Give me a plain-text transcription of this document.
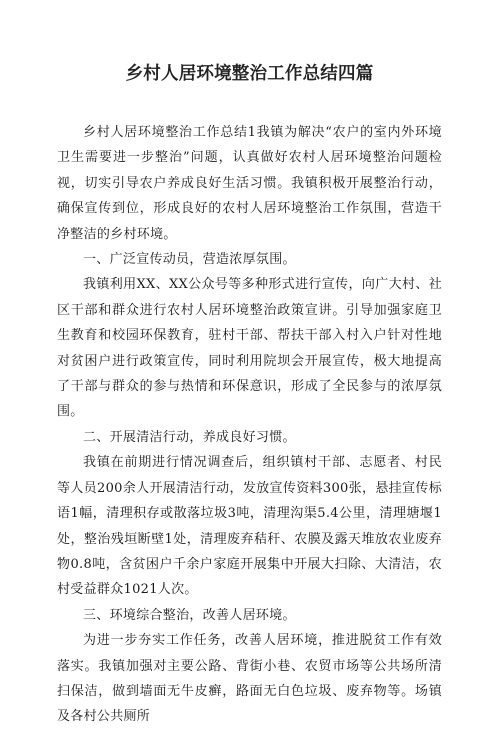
乡村人居环境整治工作总结四篇

乡村人居环境整治工作总结1我镇为解决“农户的室内外环境卫生需要进一步整治”问题，认真做好农村人居环境整治问题检视，切实引导农户养成良好生活习惯。我镇积极开展整治行动，确保宣传到位，形成良好的农村人居环境整治工作氛围，营造干净整洁的乡村环境。

一、广泛宣传动员，营造浓厚氛围。

我镇利用XX、XX公众号等多种形式进行宣传，向广大村、社区干部和群众进行农村人居环境整治政策宣讲。引导加强家庭卫生教育和校园环保教育，驻村干部、帮扶干部入村入户针对性地对贫困户进行政策宣传，同时利用院坝会开展宣传，极大地提高了干部与群众的参与热情和环保意识，形成了全民参与的浓厚氛围。

二、开展清洁行动，养成良好习惯。

我镇在前期进行情况调查后，组织镇村干部、志愿者、村民等人员200余人开展清洁行动，发放宣传资料300张，悬挂宣传标语1幅，清理积存或散落垃圾3吨，清理沟渠5.4公里，清理塘堰1处，整治残垣断壁1处，清理废弃秸秆、农膜及露天堆放农业废弃物0.8吨，含贫困户千余户家庭开展集中开展大扫除、大清洁，农村受益群众1021人次。

三、环境综合整治，改善人居环境。

为进一步夯实工作任务，改善人居环境，推进脱贫工作有效落实。我镇加强对主要公路、背街小巷、农贸市场等公共场所清扫保洁，做到墙面无牛皮癣，路面无白色垃圾、废弃物等。场镇及各村公共厕所
